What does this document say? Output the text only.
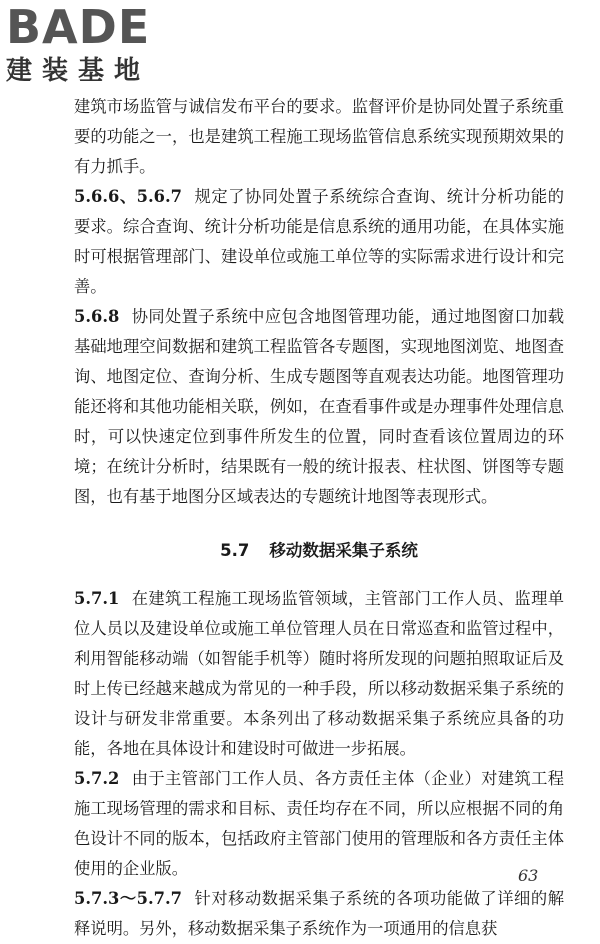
BADE
建装基地

建筑市场监管与诚信发布平台的要求。监督评价是协同处置子系统重要的功能之一，也是建筑工程施工现场监管信息系统实现预期效果的有力抓手。

5.6.6、5.6.7 规定了协同处置子系统综合查询、统计分析功能的要求。综合查询、统计分析功能是信息系统的通用功能，在具体实施时可根据管理部门、建设单位或施工单位等的实际需求进行设计和完善。

5.6.8 协同处置子系统中应包含地图管理功能，通过地图窗口加载基础地理空间数据和建筑工程监管各专题图，实现地图浏览、地图查询、地图定位、查询分析、生成专题图等直观表达功能。地图管理功能还将和其他功能相关联，例如，在查看事件或是办理事件处理信息时，可以快速定位到事件所发生的位置，同时查看该位置周边的环境；在统计分析时，结果既有一般的统计报表、柱状图、饼图等专题图，也有基于地图分区域表达的专题统计地图等表现形式。

5.7 移动数据采集子系统

5.7.1 在建筑工程施工现场监管领域，主管部门工作人员、监理单位人员以及建设单位或施工单位管理人员在日常巡查和监管过程中，利用智能移动端（如智能手机等）随时将所发现的问题拍照取证后及时上传已经越来越成为常见的一种手段，所以移动数据采集子系统的设计与研发非常重要。本条列出了移动数据采集子系统应具备的功能，各地在具体设计和建设时可做进一步拓展。

5.7.2 由于主管部门工作人员、各方责任主体（企业）对建筑工程施工现场管理的需求和目标、责任均存在不同，所以应根据不同的角色设计不同的版本，包括政府主管部门使用的管理版和各方责任主体使用的企业版。

5.7.3～5.7.7 针对移动数据采集子系统的各项功能做了详细的解释说明。另外，移动数据采集子系统作为一项通用的信息获

63
